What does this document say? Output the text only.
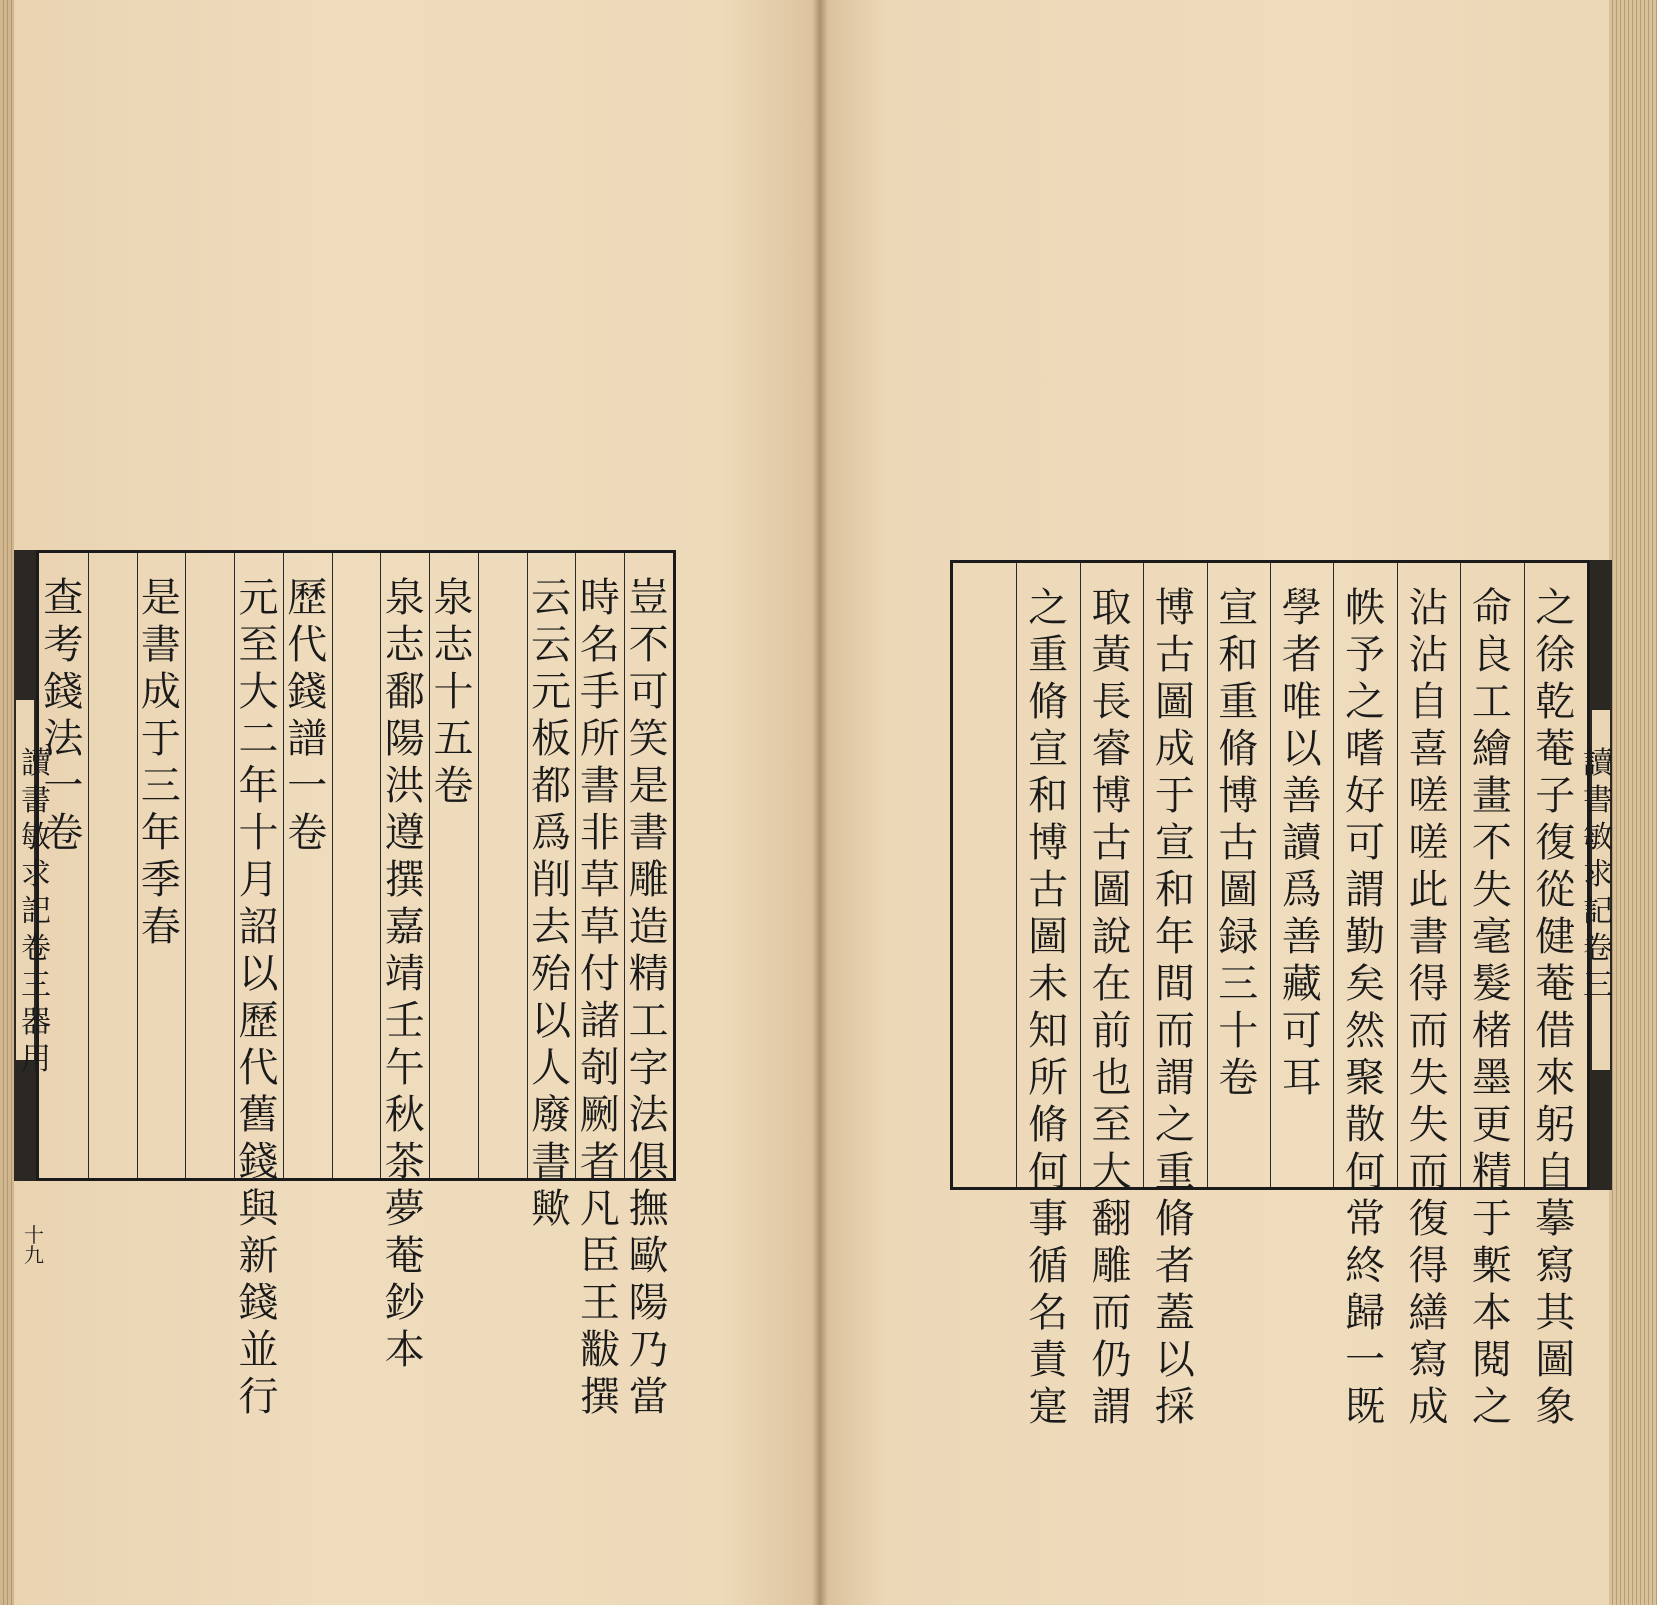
讀
書
敏
求
記
卷
三
器
用
十
九
豈
不
可
笑
是
書
雕
造
精
工
字
法
俱
撫
歐
陽
乃
當
時
名
手
所
書
非
草
草
付
諸
剞
劂
者
凡
臣
王
黻
撰
云
云
元
板
都
爲
削
去
殆
以
人
廢
書
歟
泉
志
十
五
卷
泉
志
鄱
陽
洪
遵
撰
嘉
靖
壬
午
秋
茶
夢
菴
鈔
本
歷
代
錢
譜
一
卷
元
至
大
二
年
十
月
詔
以
歷
代
舊
錢
與
新
錢
並
行
是
書
成
于
三
年
季
春
查
考
錢
法
一
卷
讀
書
敏
求
記
卷
三
之
徐
乾
菴
子
復
從
健
菴
借
來
躬
自
摹
寫
其
圖
象
命
良
工
繪
畫
不
失
毫
髮
楮
墨
更
精
于
槧
本
閱
之
沾
沾
自
喜
嗟
嗟
此
書
得
而
失
失
而
復
得
繕
寫
成
帙
予
之
嗜
好
可
謂
勤
矣
然
聚
散
何
常
終
歸
一
既
學
者
唯
以
善
讀
爲
善
藏
可
耳
宣
和
重
脩
博
古
圖
録
三
十
卷
博
古
圖
成
于
宣
和
年
間
而
謂
之
重
脩
者
蓋
以
採
取
黃
長
睿
博
古
圖
說
在
前
也
至
大
翻
雕
而
仍
謂
之
重
脩
宣
和
博
古
圖
未
知
所
脩
何
事
循
名
責
寔
